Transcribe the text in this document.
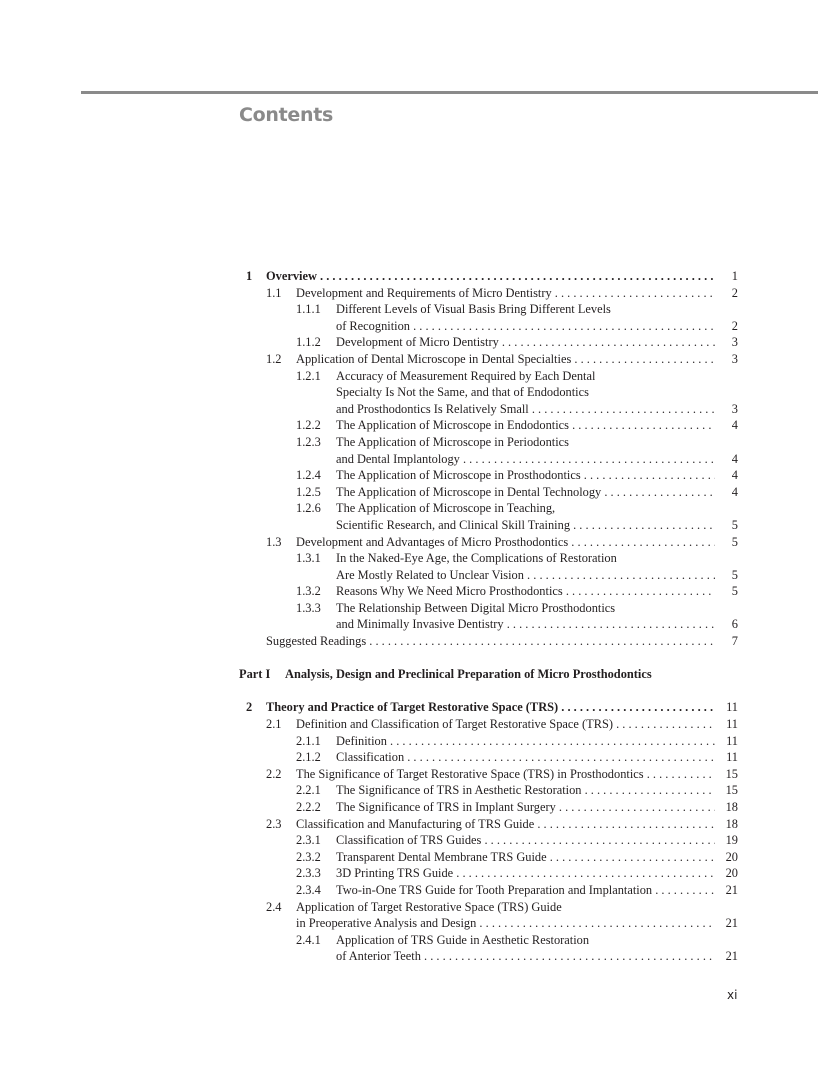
Contents
1 Overview . . .	1
1.1 Development and Requirements of Micro Dentistry . . .	2
1.1.1 Different Levels of Visual Basis Bring Different Levels
of Recognition . . .	2
1.1.2 Development of Micro Dentistry . . .	3
1.2 Application of Dental Microscope in Dental Specialties . . .	3
1.2.1 Accuracy of Measurement Required by Each Dental
Specialty Is Not the Same, and that of Endodontics
and Prosthodontics Is Relatively Small . . .	3
1.2.2 The Application of Microscope in Endodontics . . .	4
1.2.3 The Application of Microscope in Periodontics
and Dental Implantology . . .	4
1.2.4 The Application of Microscope in Prosthodontics . . .	4
1.2.5 The Application of Microscope in Dental Technology . . .	4
1.2.6 The Application of Microscope in Teaching,
Scientific Research, and Clinical Skill Training . . .	5
1.3 Development and Advantages of Micro Prosthodontics . . .	5
1.3.1 In the Naked-Eye Age, the Complications of Restoration
Are Mostly Related to Unclear Vision . . .	5
1.3.2 Reasons Why We Need Micro Prosthodontics . . .	5
1.3.3 The Relationship Between Digital Micro Prosthodontics
and Minimally Invasive Dentistry . . .	6
Suggested Readings . . .	7
Part I Analysis, Design and Preclinical Preparation of Micro Prosthodontics
2 Theory and Practice of Target Restorative Space (TRS) . . .	11
2.1 Definition and Classification of Target Restorative Space (TRS) . . .	11
2.1.1 Definition . . .	11
2.1.2 Classification . . .	11
2.2 The Significance of Target Restorative Space (TRS) in Prosthodontics . . .	15
2.2.1 The Significance of TRS in Aesthetic Restoration . . .	15
2.2.2 The Significance of TRS in Implant Surgery . . .	18
2.3 Classification and Manufacturing of TRS Guide . . .	18
2.3.1 Classification of TRS Guides . . .	19
2.3.2 Transparent Dental Membrane TRS Guide . . .	20
2.3.3 3D Printing TRS Guide . . .	20
2.3.4 Two-in-One TRS Guide for Tooth Preparation and Implantation . . .	21
2.4 Application of Target Restorative Space (TRS) Guide
in Preoperative Analysis and Design . . .	21
2.4.1 Application of TRS Guide in Aesthetic Restoration
of Anterior Teeth . . .	21
xi
